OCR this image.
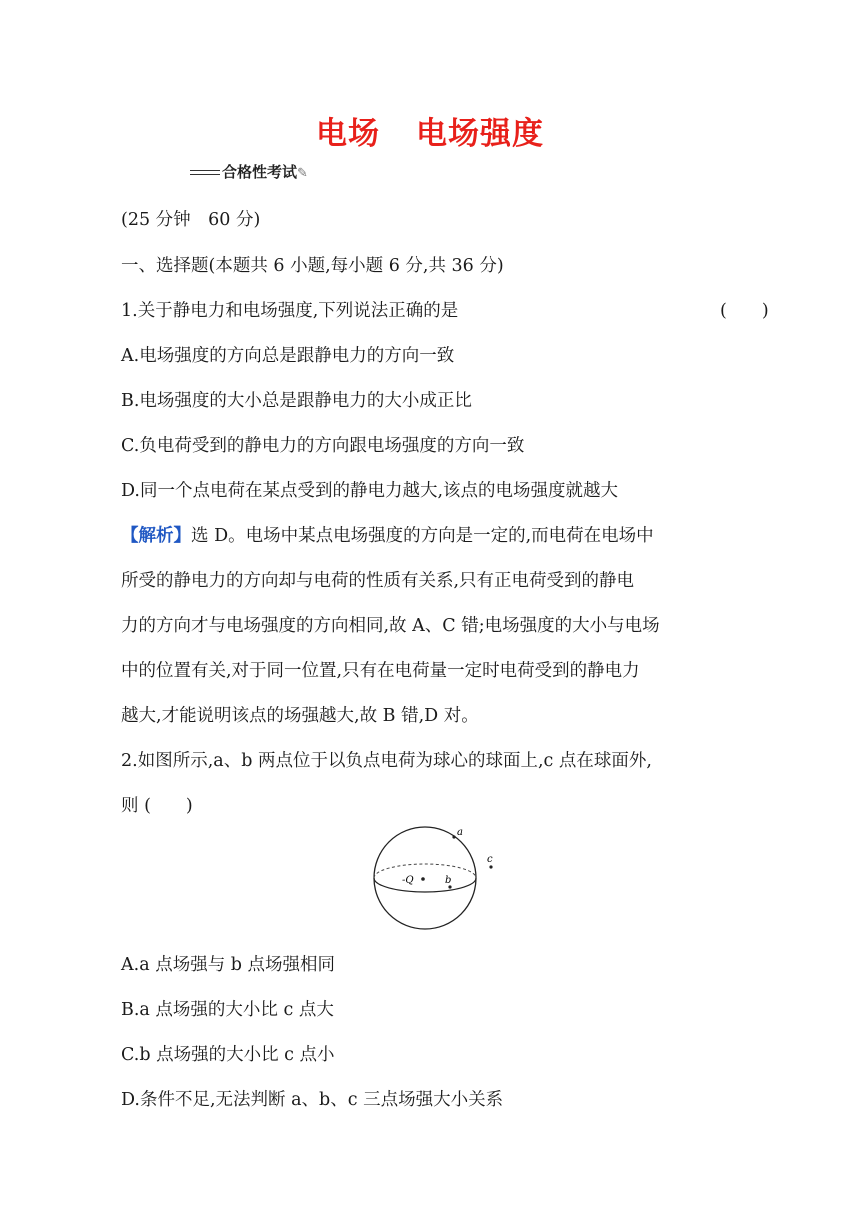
电场 电场强度
合格性考试✎
(25 分钟　60 分)
一、选择题(本题共 6 小题,每小题 6 分,共 36 分)
1.关于静电力和电场强度,下列说法正确的是	(　　)
A.电场强度的方向总是跟静电力的方向一致
B.电场强度的大小总是跟静电力的大小成正比
C.负电荷受到的静电力的方向跟电场强度的方向一致
D.同一个点电荷在某点受到的静电力越大,该点的电场强度就越大
【解析】选 D。电场中某点电场强度的方向是一定的,而电荷在电场中
所受的静电力的方向却与电荷的性质有关系,只有正电荷受到的静电
力的方向才与电场强度的方向相同,故 A、C 错;电场强度的大小与电场
中的位置有关,对于同一位置,只有在电荷量一定时电荷受到的静电力
越大,才能说明该点的场强越大,故 B 错,D 对。
2.如图所示,a、b 两点位于以负点电荷为球心的球面上,c 点在球面外,
则 (　　)
a
-Q	b
c
A.a 点场强与 b 点场强相同
B.a 点场强的大小比 c 点大
C.b 点场强的大小比 c 点小
D.条件不足,无法判断 a、b、c 三点场强大小关系
